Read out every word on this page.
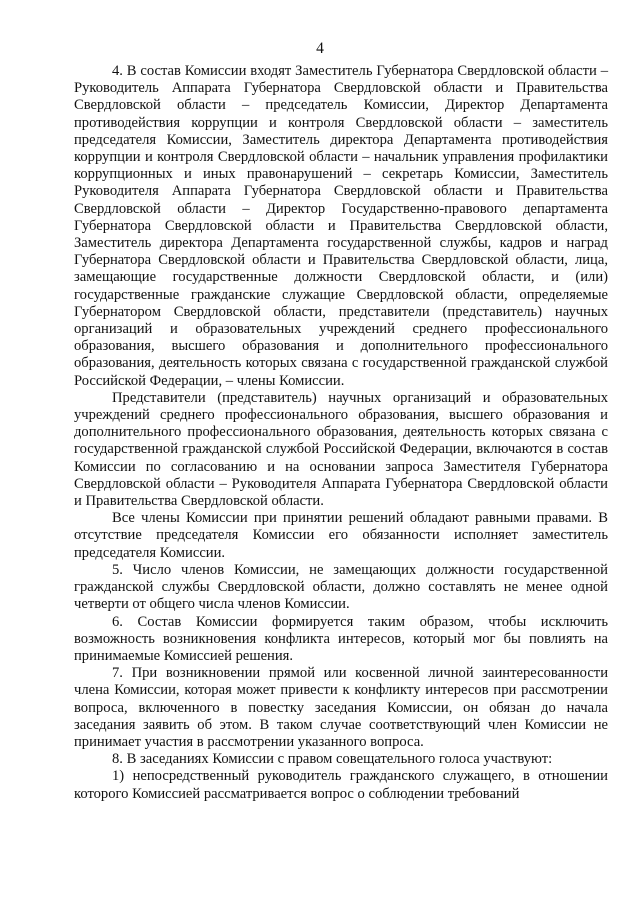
4

4. В состав Комиссии входят Заместитель Губернатора Свердловской области – Руководитель Аппарата Губернатора Свердловской области и Правительства Свердловской области – председатель Комиссии, Директор Департамента противодействия коррупции и контроля Свердловской области – заместитель председателя Комиссии, Заместитель директора Департамента противодействия коррупции и контроля Свердловской области – начальник управления профилактики коррупционных и иных правонарушений – секретарь Комиссии, Заместитель Руководителя Аппарата Губернатора Свердловской области и Правительства Свердловской области – Директор Государственно-правового департамента Губернатора Свердловской области и Правительства Свердловской области, Заместитель директора Департамента государственной службы, кадров и наград Губернатора Свердловской области и Правительства Свердловской области, лица, замещающие государственные должности Свердловской области, и (или) государственные гражданские служащие Свердловской области, определяемые Губернатором Свердловской области, представители (представитель) научных организаций и образовательных учреждений среднего профессионального образования, высшего образования и дополнительного профессионального образования, деятельность которых связана с государственной гражданской службой Российской Федерации, – члены Комиссии.

Представители (представитель) научных организаций и образовательных учреждений среднего профессионального образования, высшего образования и дополнительного профессионального образования, деятельность которых связана с государственной гражданской службой Российской Федерации, включаются в состав Комиссии по согласованию и на основании запроса Заместителя Губернатора Свердловской области – Руководителя Аппарата Губернатора Свердловской области и Правительства Свердловской области.

Все члены Комиссии при принятии решений обладают равными правами. В отсутствие председателя Комиссии его обязанности исполняет заместитель председателя Комиссии.

5. Число членов Комиссии, не замещающих должности государственной гражданской службы Свердловской области, должно составлять не менее одной четверти от общего числа членов Комиссии.

6. Состав Комиссии формируется таким образом, чтобы исключить возможность возникновения конфликта интересов, который мог бы повлиять на принимаемые Комиссией решения.

7. При возникновении прямой или косвенной личной заинтересованности члена Комиссии, которая может привести к конфликту интересов при рассмотрении вопроса, включенного в повестку заседания Комиссии, он обязан до начала заседания заявить об этом. В таком случае соответствующий член Комиссии не принимает участия в рассмотрении указанного вопроса.

8. В заседаниях Комиссии с правом совещательного голоса участвуют:

1) непосредственный руководитель гражданского служащего, в отношении которого Комиссией рассматривается вопрос о соблюдении требований
